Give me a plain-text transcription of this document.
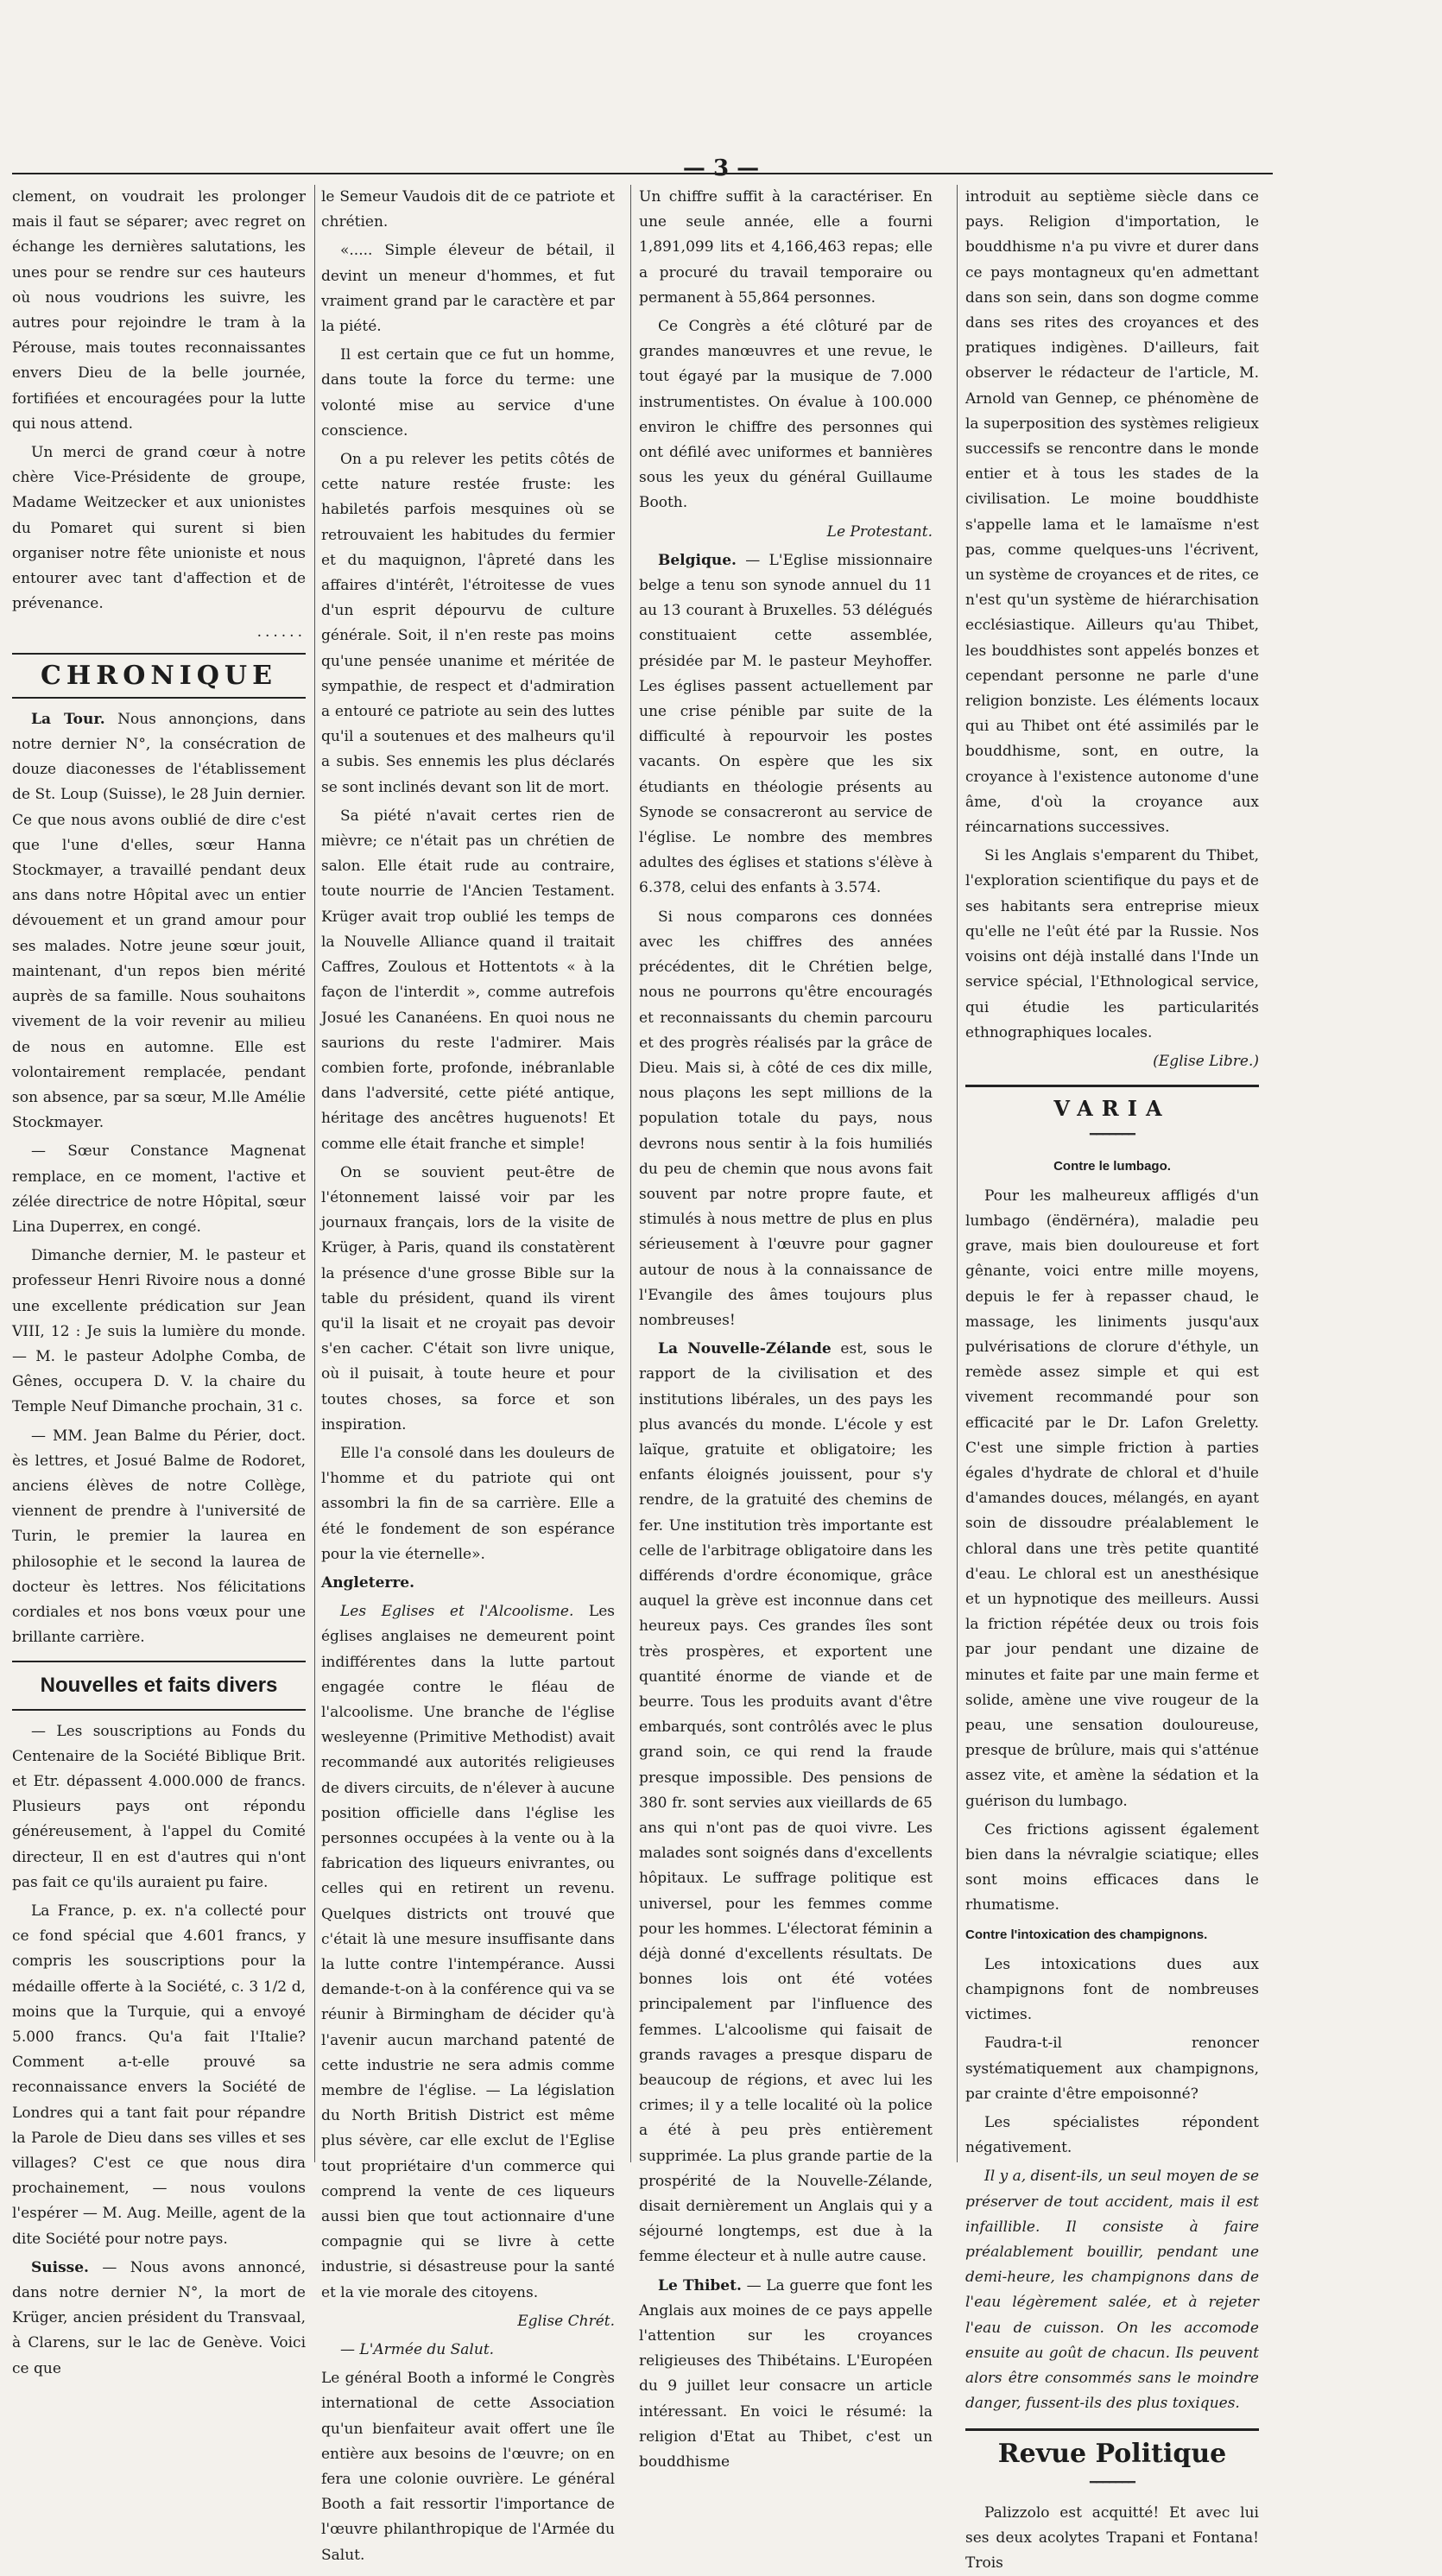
— 3 —

clement, on voudrait les prolonger mais il faut se séparer; avec regret on échange les dernières salutations, les unes pour se rendre sur ces hauteurs où nous voudrions les suivre, les autres pour rejoindre le tram à la Pérouse, mais toutes reconnaissantes envers Dieu de la belle journée, fortifiées et encouragées pour la lutte qui nous attend.

Un merci de grand cœur à notre chère Vice-Présidente de groupe, Madame Weitzecker et aux unionistes du Pomaret qui surent si bien organiser notre fête unioniste et nous entourer avec tant d'affection et de prévenance.

......

CHRONIQUE

La Tour. Nous annonçions, dans notre dernier N°, la consécration de douze diaconesses de l'établissement de St. Loup (Suisse), le 28 Juin dernier. Ce que nous avons oublié de dire c'est que l'une d'elles, sœur Hanna Stockmayer, a travaillé pendant deux ans dans notre Hôpital avec un entier dévouement et un grand amour pour ses malades. Notre jeune sœur jouit, maintenant, d'un repos bien mérité auprès de sa famille. Nous souhaitons vivement de la voir revenir au milieu de nous en automne. Elle est volontairement remplacée, pendant son absence, par sa sœur, M.lle Amélie Stockmayer.

— Sœur Constance Magnenat remplace, en ce moment, l'active et zélée directrice de notre Hôpital, sœur Lina Duperrex, en congé.

Dimanche dernier, M. le pasteur et professeur Henri Rivoire nous a donné une excellente prédication sur Jean VIII, 12 : Je suis la lumière du monde. — M. le pasteur Adolphe Comba, de Gênes, occupera D. V. la chaire du Temple Neuf Dimanche prochain, 31 c.

— MM. Jean Balme du Périer, doct. ès lettres, et Josué Balme de Rodoret, anciens élèves de notre Collège, viennent de prendre à l'université de Turin, le premier la laurea en philosophie et le second la laurea de docteur ès lettres. Nos félicitations cordiales et nos bons vœux pour une brillante carrière.

Nouvelles et faits divers

— Les souscriptions au Fonds du Centenaire de la Société Biblique Brit. et Etr. dépassent 4.000.000 de francs. Plusieurs pays ont répondu généreusement, à l'appel du Comité directeur, Il en est d'autres qui n'ont pas fait ce qu'ils auraient pu faire.

La France, p. ex. n'a collecté pour ce fond spécial que 4.601 francs, y compris les souscriptions pour la médaille offerte à la Société, c. 3 1/2 d, moins que la Turquie, qui a envoyé 5.000 francs. Qu'a fait l'Italie? Comment a-t-elle prouvé sa reconnaissance envers la Société de Londres qui a tant fait pour répandre la Parole de Dieu dans ses villes et ses villages? C'est ce que nous dira prochainement, — nous voulons l'espérer — M. Aug. Meille, agent de la dite Société pour notre pays.

Suisse. — Nous avons annoncé, dans notre dernier N°, la mort de Krüger, ancien président du Transvaal, à Clarens, sur le lac de Genève. Voici ce que

le Semeur Vaudois dit de ce patriote et chrétien.

«..... Simple éleveur de bétail, il devint un meneur d'hommes, et fut vraiment grand par le caractère et par la piété.

Il est certain que ce fut un homme, dans toute la force du terme: une volonté mise au service d'une conscience.

On a pu relever les petits côtés de cette nature restée fruste: les habiletés parfois mesquines où se retrouvaient les habitudes du fermier et du maquignon, l'âpreté dans les affaires d'intérêt, l'étroitesse de vues d'un esprit dépourvu de culture générale. Soit, il n'en reste pas moins qu'une pensée unanime et méritée de sympathie, de respect et d'admiration a entouré ce patriote au sein des luttes qu'il a soutenues et des malheurs qu'il a subis. Ses ennemis les plus déclarés se sont inclinés devant son lit de mort.

Sa piété n'avait certes rien de mièvre; ce n'était pas un chrétien de salon. Elle était rude au contraire, toute nourrie de l'Ancien Testament. Krüger avait trop oublié les temps de la Nouvelle Alliance quand il traitait Caffres, Zoulous et Hottentots « à la façon de l'interdit », comme autrefois Josué les Cananéens. En quoi nous ne saurions du reste l'admirer. Mais combien forte, profonde, inébranlable dans l'adversité, cette piété antique, héritage des ancêtres huguenots! Et comme elle était franche et simple!

On se souvient peut-être de l'étonnement laissé voir par les journaux français, lors de la visite de Krüger, à Paris, quand ils constatèrent la présence d'une grosse Bible sur la table du président, quand ils virent qu'il la lisait et ne croyait pas devoir s'en cacher. C'était son livre unique, où il puisait, à toute heure et pour toutes choses, sa force et son inspiration.

Elle l'a consolé dans les douleurs de l'homme et du patriote qui ont assombri la fin de sa carrière. Elle a été le fondement de son espérance pour la vie éternelle».

Angleterre.

Les Eglises et l'Alcoolisme. Les églises anglaises ne demeurent point indifférentes dans la lutte partout engagée contre le fléau de l'alcoolisme. Une branche de l'église wesleyenne (Primitive Methodist) avait recommandé aux autorités religieuses de divers circuits, de n'élever à aucune position officielle dans l'église les personnes occupées à la vente ou à la fabrication des liqueurs enivrantes, ou celles qui en retirent un revenu. Quelques districts ont trouvé que c'était là une mesure insuffisante dans la lutte contre l'intempérance. Aussi demande-t-on à la conférence qui va se réunir à Birmingham de décider qu'à l'avenir aucun marchand patenté de cette industrie ne sera admis comme membre de l'église. — La législation du North British District est même plus sévère, car elle exclut de l'Eglise tout propriétaire d'un commerce qui comprend la vente de ces liqueurs aussi bien que tout actionnaire d'une compagnie qui se livre à cette industrie, si désastreuse pour la santé et la vie morale des citoyens.

Eglise Chrét.

— L'Armée du Salut.

Le général Booth a informé le Congrès international de cette Association qu'un bienfaiteur avait offert une île entière aux besoins de l'œuvre; on en fera une colonie ouvrière. Le général Booth a fait ressortir l'importance de l'œuvre philanthropique de l'Armée du Salut.

Un chiffre suffit à la caractériser. En une seule année, elle a fourni 1,891,099 lits et 4,166,463 repas; elle a procuré du travail temporaire ou permanent à 55,864 personnes.

Ce Congrès a été clôturé par de grandes manœuvres et une revue, le tout égayé par la musique de 7.000 instrumentistes. On évalue à 100.000 environ le chiffre des personnes qui ont défilé avec uniformes et bannières sous les yeux du général Guillaume Booth.

Le Protestant.

Belgique. — L'Eglise missionnaire belge a tenu son synode annuel du 11 au 13 courant à Bruxelles. 53 délégués constituaient cette assemblée, présidée par M. le pasteur Meyhoffer. Les églises passent actuellement par une crise pénible par suite de la difficulté à repourvoir les postes vacants. On espère que les six étudiants en théologie présents au Synode se consacreront au service de l'église. Le nombre des membres adultes des églises et stations s'élève à 6.378, celui des enfants à 3.574.

Si nous comparons ces données avec les chiffres des années précédentes, dit le Chrétien belge, nous ne pourrons qu'être encouragés et reconnaissants du chemin parcouru et des progrès réalisés par la grâce de Dieu. Mais si, à côté de ces dix mille, nous plaçons les sept millions de la population totale du pays, nous devrons nous sentir à la fois humiliés du peu de chemin que nous avons fait souvent par notre propre faute, et stimulés à nous mettre de plus en plus sérieusement à l'œuvre pour gagner autour de nous à la connaissance de l'Evangile des âmes toujours plus nombreuses!

La Nouvelle-Zélande est, sous le rapport de la civilisation et des institutions libérales, un des pays les plus avancés du monde. L'école y est laïque, gratuite et obligatoire; les enfants éloignés jouissent, pour s'y rendre, de la gratuité des chemins de fer. Une institution très importante est celle de l'arbitrage obligatoire dans les différends d'ordre économique, grâce auquel la grève est inconnue dans cet heureux pays. Ces grandes îles sont très prospères, et exportent une quantité énorme de viande et de beurre. Tous les produits avant d'être embarqués, sont contrôlés avec le plus grand soin, ce qui rend la fraude presque impossible. Des pensions de 380 fr. sont servies aux vieillards de 65 ans qui n'ont pas de quoi vivre. Les malades sont soignés dans d'excellents hôpitaux. Le suffrage politique est universel, pour les femmes comme pour les hommes. L'électorat féminin a déjà donné d'excellents résultats. De bonnes lois ont été votées principalement par l'influence des femmes. L'alcoolisme qui faisait de grands ravages a presque disparu de beaucoup de régions, et avec lui les crimes; il y a telle localité où la police a été à peu près entièrement supprimée. La plus grande partie de la prospérité de la Nouvelle-Zélande, disait dernièrement un Anglais qui y a séjourné longtemps, est due à la femme électeur et à nulle autre cause.

Le Thibet. — La guerre que font les Anglais aux moines de ce pays appelle l'attention sur les croyances religieuses des Thibétains. L'Européen du 9 juillet leur consacre un article intéressant. En voici le résumé: la religion d'Etat au Thibet, c'est un bouddhisme

introduit au septième siècle dans ce pays. Religion d'importation, le bouddhisme n'a pu vivre et durer dans ce pays montagneux qu'en admettant dans son sein, dans son dogme comme dans ses rites des croyances et des pratiques indigènes. D'ailleurs, fait observer le rédacteur de l'article, M. Arnold van Gennep, ce phénomène de la superposition des systèmes religieux successifs se rencontre dans le monde entier et à tous les stades de la civilisation. Le moine bouddhiste s'appelle lama et le lamaïsme n'est pas, comme quelques-uns l'écrivent, un système de croyances et de rites, ce n'est qu'un système de hiérarchisation ecclésiastique. Ailleurs qu'au Thibet, les bouddhistes sont appelés bonzes et cependant personne ne parle d'une religion bonziste. Les éléments locaux qui au Thibet ont été assimilés par le bouddhisme, sont, en outre, la croyance à l'existence autonome d'une âme, d'où la croyance aux réincarnations successives.

Si les Anglais s'emparent du Thibet, l'exploration scientifique du pays et de ses habitants sera entreprise mieux qu'elle ne l'eût été par la Russie. Nos voisins ont déjà installé dans l'Inde un service spécial, l'Ethnological service, qui étudie les particularités ethnographiques locales.

(Eglise Libre.)

VARIA
━━━━━━━
Contre le lumbago.

Pour les malheureux affligés d'un lumbago (ëndërnéra), maladie peu grave, mais bien douloureuse et fort gênante, voici entre mille moyens, depuis le fer à repasser chaud, le massage, les liniments jusqu'aux pulvérisations de clorure d'éthyle, un remède assez simple et qui est vivement recommandé pour son efficacité par le Dr. Lafon Greletty. C'est une simple friction à parties égales d'hydrate de chloral et d'huile d'amandes douces, mélangés, en ayant soin de dissoudre préalablement le chloral dans une très petite quantité d'eau. Le chloral est un anesthésique et un hypnotique des meilleurs. Aussi la friction répétée deux ou trois fois par jour pendant une dizaine de minutes et faite par une main ferme et solide, amène une vive rougeur de la peau, une sensation douloureuse, presque de brûlure, mais qui s'atténue assez vite, et amène la sédation et la guérison du lumbago.

Ces frictions agissent également bien dans la névralgie sciatique; elles sont moins efficaces dans le rhumatisme.

Contre l'intoxication des champignons.

Les intoxications dues aux champignons font de nombreuses victimes.

Faudra-t-il renoncer systématiquement aux champignons, par crainte d'être empoisonné?

Les spécialistes répondent négativement.

Il y a, disent-ils, un seul moyen de se préserver de tout accident, mais il est infaillible. Il consiste à faire préalablement bouillir, pendant une demi-heure, les champignons dans de l'eau légèrement salée, et à rejeter l'eau de cuisson. On les accomode ensuite au goût de chacun. Ils peuvent alors être consommés sans le moindre danger, fussent-ils des plus toxiques.

Revue Politique
━━━━━━━

Palizzolo est acquitté! Et avec lui ses deux acolytes Trapani et Fontana! Trois
